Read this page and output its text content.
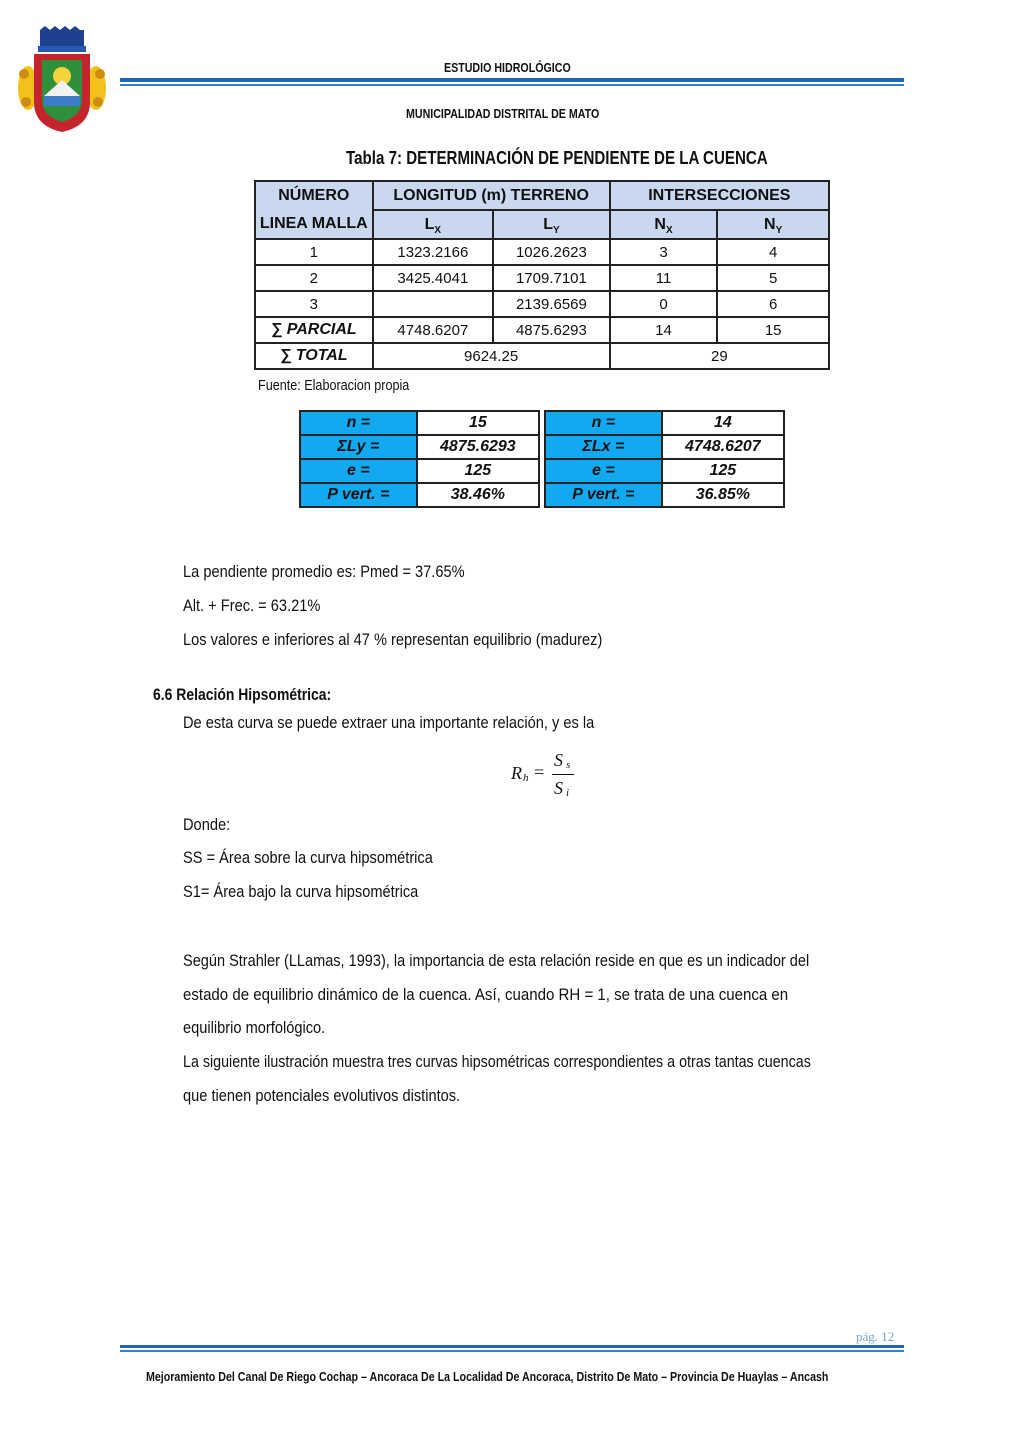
ESTUDIO HIDROLÓGICO
MUNICIPALIDAD DISTRITAL DE MATO
Tabla 7: DETERMINACIÓN DE PENDIENTE DE LA CUENCA
NÚMERO
LINEA MALLA	LONGITUD (m) TERRENO		INTERSECCIONES	
	$L_X$	$L_Y$	$N_X$	$N_Y$
1	1323.2166	1026.2623	3	4
2	3425.4041	1709.7101	11	5
3		2139.6569	0	6
∑ PARCIAL	4748.6207	4875.6293	14	15
∑ TOTAL	9624.25		29	
Fuente: Elaboracion propia
n =	15
ΣLy =	4875.6293
e =	125
P vert. =	38.46%
n =	14
ΣLx =	4748.6207
e =	125
P vert. =	36.85%
La pendiente promedio es: Pmed = 37.65%
Alt. + Frec. = 63.21%
Los valores e inferiores al 47 % representan equilibrio (madurez)
6.6 Relación Hipsométrica:
De esta curva se puede extraer una importante relación, y es la
R h =
S s
S i
Donde:
SS = Área sobre la curva hipsométrica
S1= Área bajo la curva hipsométrica
Según Strahler (LLamas, 1993), la importancia de esta relación reside en que es un indicador del
estado de equilibrio dinámico de la cuenca. Así, cuando RH = 1, se trata de una cuenca en
equilibrio morfológico.
La siguiente ilustración muestra tres curvas hipsométricas correspondientes a otras tantas cuencas
que tienen potenciales evolutivos distintos.
pág. 12
Mejoramiento Del Canal De Riego Cochap – Ancoraca De La Localidad De Ancoraca, Distrito De Mato – Provincia De Huaylas – Ancash
